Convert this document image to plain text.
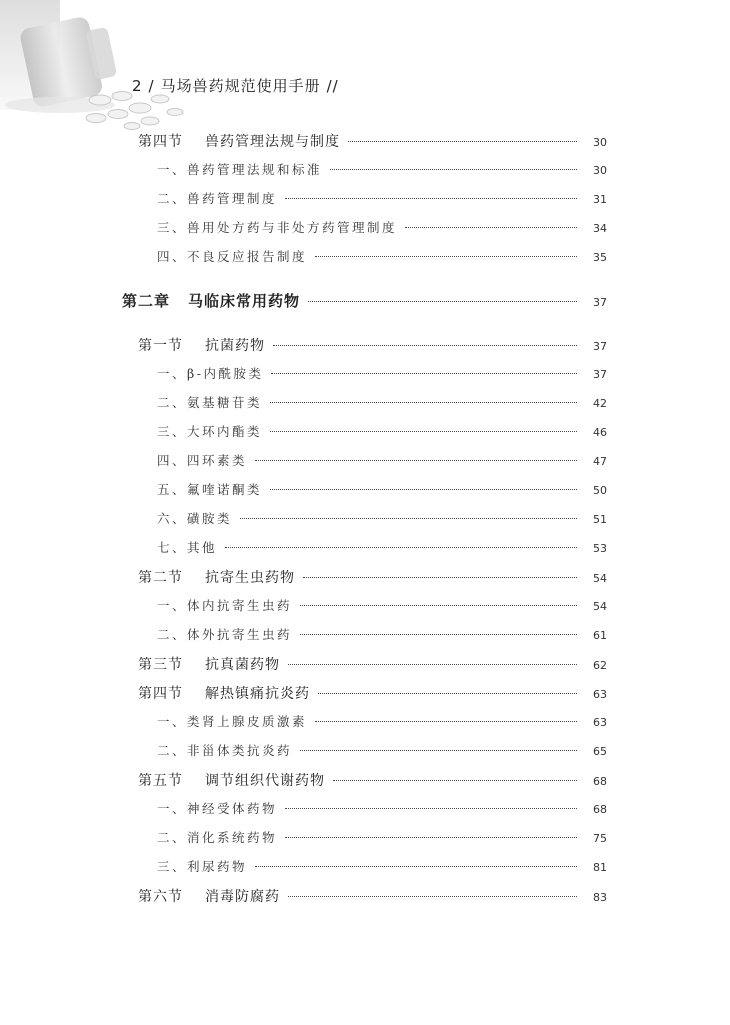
2 / 马场兽药规范使用手册 //
第四节 兽药管理法规与制度	30
一、兽药管理法规和标准	30
二、兽药管理制度	31
三、兽用处方药与非处方药管理制度	34
四、不良反应报告制度	35
第二章 马临床常用药物	37
第一节 抗菌药物	37
一、β-内酰胺类	37
二、氨基糖苷类	42
三、大环内酯类	46
四、四环素类	47
五、氟喹诺酮类	50
六、磺胺类	51
七、其他	53
第二节 抗寄生虫药物	54
一、体内抗寄生虫药	54
二、体外抗寄生虫药	61
第三节 抗真菌药物	62
第四节 解热镇痛抗炎药	63
一、类肾上腺皮质激素	63
二、非甾体类抗炎药	65
第五节 调节组织代谢药物	68
一、神经受体药物	68
二、消化系统药物	75
三、利尿药物	81
第六节 消毒防腐药	83
